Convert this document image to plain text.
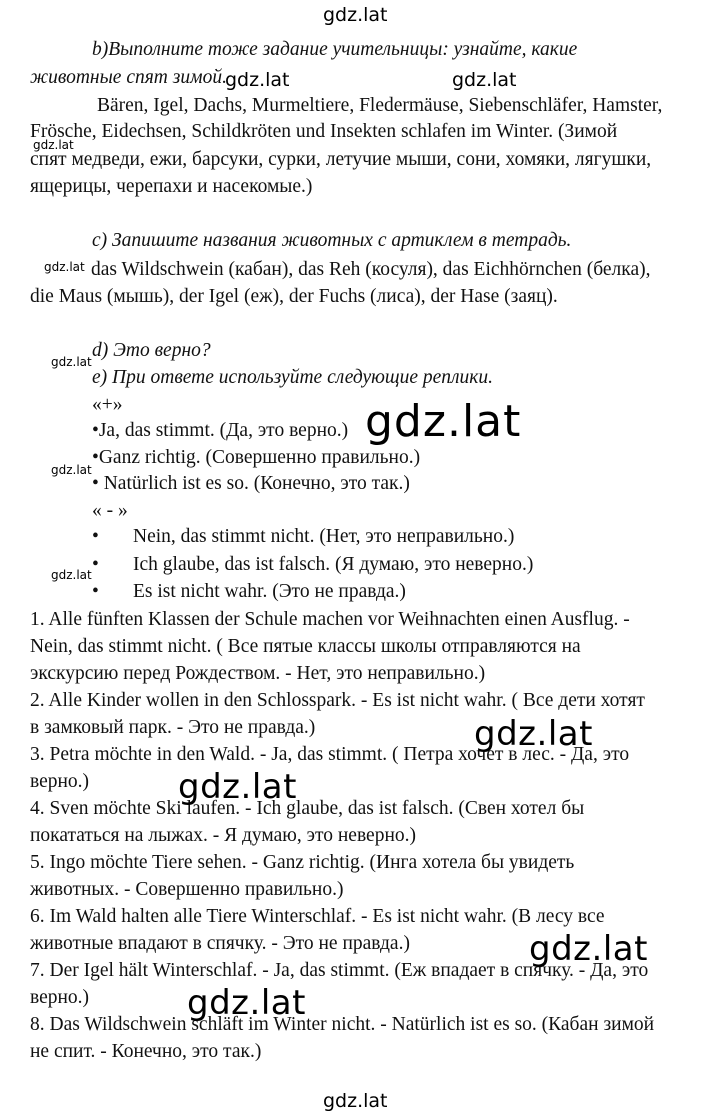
gdz.lat
b)Выполните тоже задание учительницы: узнайте, какие
животные спят зимой.
Bären, Igel, Dachs, Murmeltiere, Fledermäuse, Siebenschläfer, Hamster,
Frösche, Eidechsen, Schildkröten und Insekten schlafen im Winter. (Зимой
спят медведи, ежи, барсуки, сурки, летучие мыши, сони, хомяки, лягушки,
ящерицы, черепахи и насекомые.)
c) Запишите названия животных с артиклем в тетрадь.
das Wildschwein (кабан), das Reh (косуля), das Eichhörnchen (белка),
die Maus (мышь), der Igel (еж), der Fuchs (лиса), der Hase (заяц).
d) Это верно?
e) При ответе используйте следующие реплики.
«+»
•Ja, das stimmt. (Да, это верно.)
•Ganz richtig. (Совершенно правильно.)
• Natürlich ist es so. (Конечно, это так.)
« - »
• Nein, das stimmt nicht. (Нет, это неправильно.)
• Ich glaube, das ist falsch. (Я думаю, это неверно.)
• Es ist nicht wahr. (Это не правда.)
1. Alle fünften Klassen der Schule machen vor Weihnachten einen Ausflug. -
Nein, das stimmt nicht. ( Все пятые классы школы отправляются на
экскурсию перед Рождеством. - Нет, это неправильно.)
2. Alle Kinder wollen in den Schlosspark. - Es ist nicht wahr. ( Все дети хотят
в замковый парк. - Это не правда.)
3. Petra möchte in den Wald. - Ja, das stimmt. ( Петра хочет в лес. - Да, это
верно.)
4. Sven möchte Ski laufen. - Ich glaube, das ist falsch. (Свен хотел бы
покататься на лыжах. - Я думаю, это неверно.)
5. Ingo möchte Tiere sehen. - Ganz richtig. (Инга хотела бы увидеть
животных. - Совершенно правильно.)
6. Im Wald halten alle Tiere Winterschlaf. - Es ist nicht wahr. (В лесу все
животные впадают в спячку. - Это не правда.)
7. Der Igel hält Winterschlaf. - Ja, das stimmt. (Еж впадает в спячку. - Да, это
верно.)
8. Das Wildschwein schläft im Winter nicht. - Natürlich ist es so. (Кабан зимой
не спит. - Конечно, это так.)
gdz.lat	gdz.lat
gdz.lat
gdz.lat
gdz.lat
gdz.lat
gdz.lat
gdz.lat
gdz.lat
gdz.lat
gdz.lat
gdz.lat
gdz.lat
